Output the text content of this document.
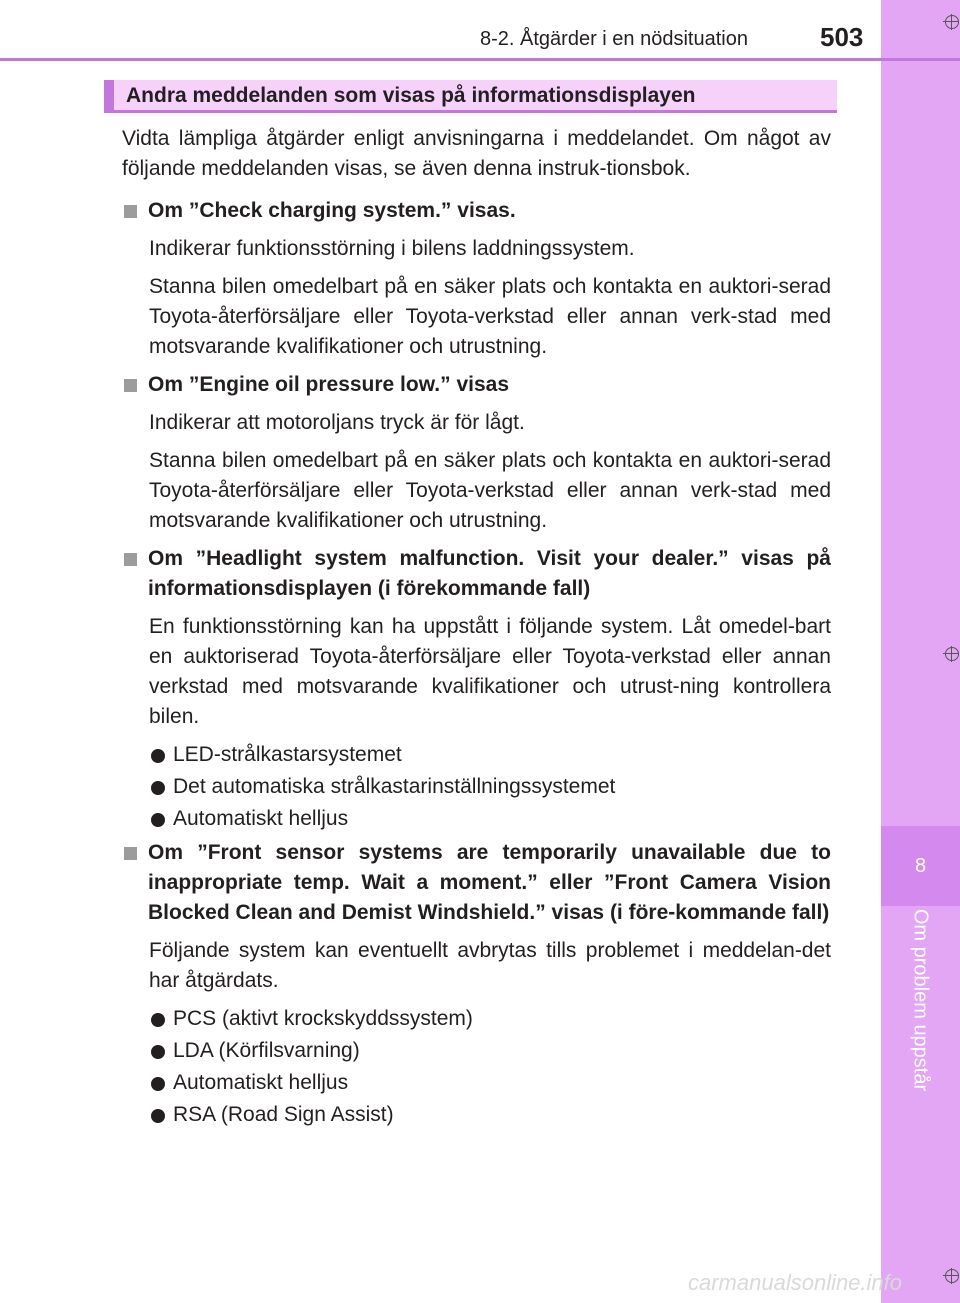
8
Om problem uppstår
8-2. Åtgärder i en nödsituation	503
Andra meddelanden som visas på informationsdisplayen

Vidta lämpliga åtgärder enligt anvisningarna i meddelandet. Om något av följande meddelanden visas, se även denna instruk-tionsbok.

Om ”Check charging system.” visas.

Indikerar funktionsstörning i bilens laddningssystem.

Stanna bilen omedelbart på en säker plats och kontakta en auktori-serad Toyota-återförsäljare eller Toyota-verkstad eller annan verk-stad med motsvarande kvalifikationer och utrustning.

Om ”Engine oil pressure low.” visas

Indikerar att motoroljans tryck är för lågt.

Stanna bilen omedelbart på en säker plats och kontakta en auktori-serad Toyota-återförsäljare eller Toyota-verkstad eller annan verk-stad med motsvarande kvalifikationer och utrustning.

Om ”Headlight system malfunction. Visit your dealer.” visas på informationsdisplayen (i förekommande fall)

En funktionsstörning kan ha uppstått i följande system. Låt omedel-bart en auktoriserad Toyota-återförsäljare eller Toyota-verkstad eller annan verkstad med motsvarande kvalifikationer och utrust-ning kontrollera bilen.

LED-strålkastarsystemet

Det automatiska strålkastarinställningssystemet

Automatiskt helljus

Om ”Front sensor systems are temporarily unavailable due to inappropriate temp. Wait a moment.” eller ”Front Camera Vision Blocked Clean and Demist Windshield.” visas (i före-kommande fall)

Följande system kan eventuellt avbrytas tills problemet i meddelan-det har åtgärdats.

PCS (aktivt krockskyddssystem)

LDA (Körfilsvarning)

Automatiskt helljus

RSA (Road Sign Assist)

carmanualsonline.info
